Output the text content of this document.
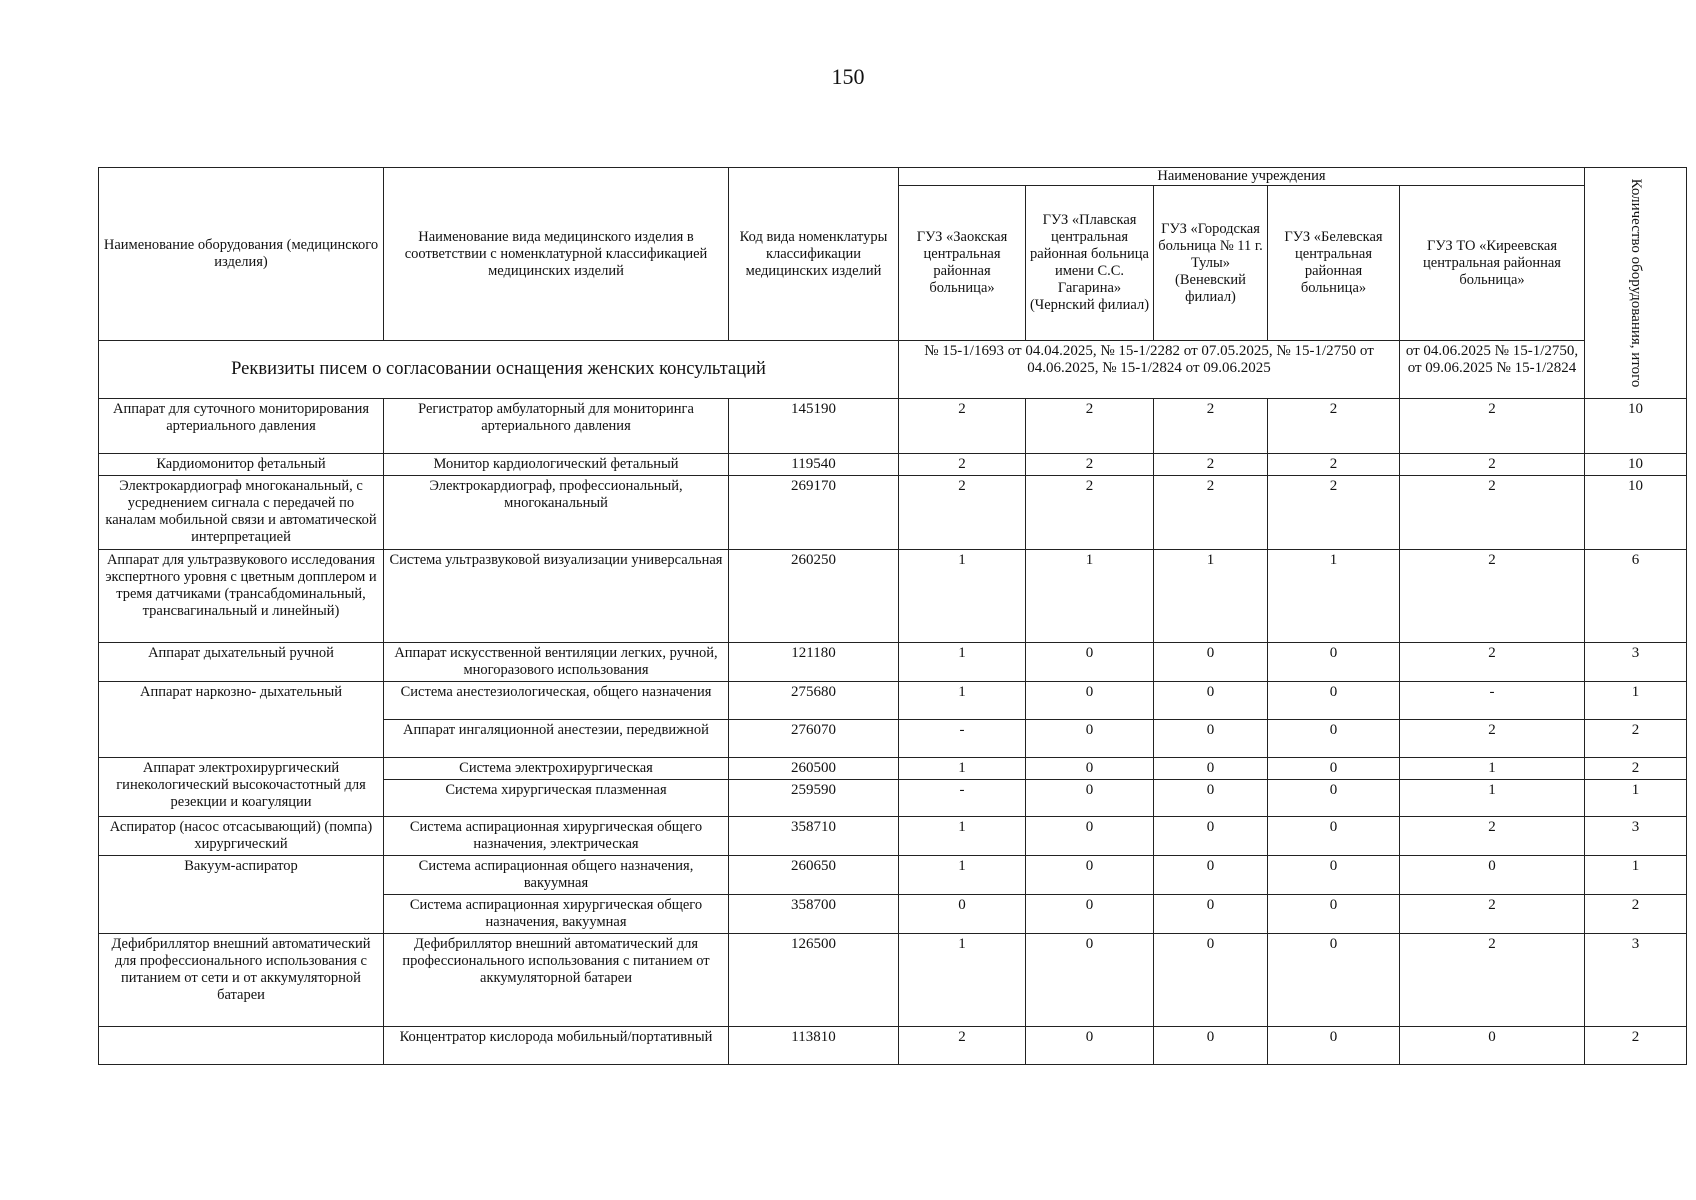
150
Наименование оборудования (медицинского изделия)	Наименование вида медицинского изделия в соответствии с номенклатурной классификацией медицинских изделий	Код вида номенклатуры классификации медицинских изделий	Наименование учреждения					Количество оборудования, итого

			ГУЗ «Заокская центральная районная больница»	ГУЗ «Плавская центральная районная больница имени С.С. Гагарина» (Чернский филиал)	ГУЗ «Городская больница № 11 г. Тулы» (Веневский филиал)	ГУЗ «Белевская центральная районная больница»	ГУЗ ТО «Киреевская центральная районная больница»	
Реквизиты писем о согласовании оснащения женских консультаций			№ 15-1/1693 от 04.04.2025, № 15-1/2282 от 07.05.2025, № 15-1/2750 от 04.06.2025, № 15-1/2824 от 09.06.2025				от 04.06.2025 № 15-1/2750, от 09.06.2025 № 15-1/2824	
Аппарат для суточного мониторирования артериального давления	Регистратор амбулаторный для мониторинга артериального давления	145190	2	2	2	2	2	10
Кардиомонитор фетальный	Монитор кардиологический фетальный	119540	2	2	2	2	2	10
Электрокардиограф многоканальный, с усреднением сигнала с передачей по каналам мобильной связи и автоматической интерпретацией	Электрокардиограф, профессиональный, многоканальный	269170	2	2	2	2	2	10
Аппарат для ультразвукового исследования экспертного уровня с цветным допплером и тремя датчиками (трансабдоминальный, трансвагинальный и линейный)	Система ультразвуковой визуализации универсальная	260250	1	1	1	1	2	6
Аппарат дыхательный ручной	Аппарат искусственной вентиляции легких, ручной, многоразового использования	121180	1	0	0	0	2	3
Аппарат наркозно- дыхательный	Система анестезиологическая, общего назначения	275680	1	0	0	0	-	1
	Аппарат ингаляционной анестезии, передвижной	276070	-	0	0	0	2	2
Аппарат электрохирургический гинекологический высокочастотный для резекции и коагуляции	Система электрохирургическая	260500	1	0	0	0	1	2
	Система хирургическая плазменная	259590	-	0	0	0	1	1
Аспиратор (насос отсасывающий) (помпа) хирургический	Система аспирационная хирургическая общего назначения, электрическая	358710	1	0	0	0	2	3
Вакуум-аспиратор	Система аспирационная общего назначения, вакуумная	260650	1	0	0	0	0	1
	Система аспирационная хирургическая общего назначения, вакуумная	358700	0	0	0	0	2	2
Дефибриллятор внешний автоматический для профессионального использования с питанием от сети и от аккумуляторной батареи	Дефибриллятор внешний автоматический для профессионального использования с питанием от аккумуляторной батареи	126500	1	0	0	0	2	3
	Концентратор кислорода мобильный/портативный	113810	2	0	0	0	0	2
